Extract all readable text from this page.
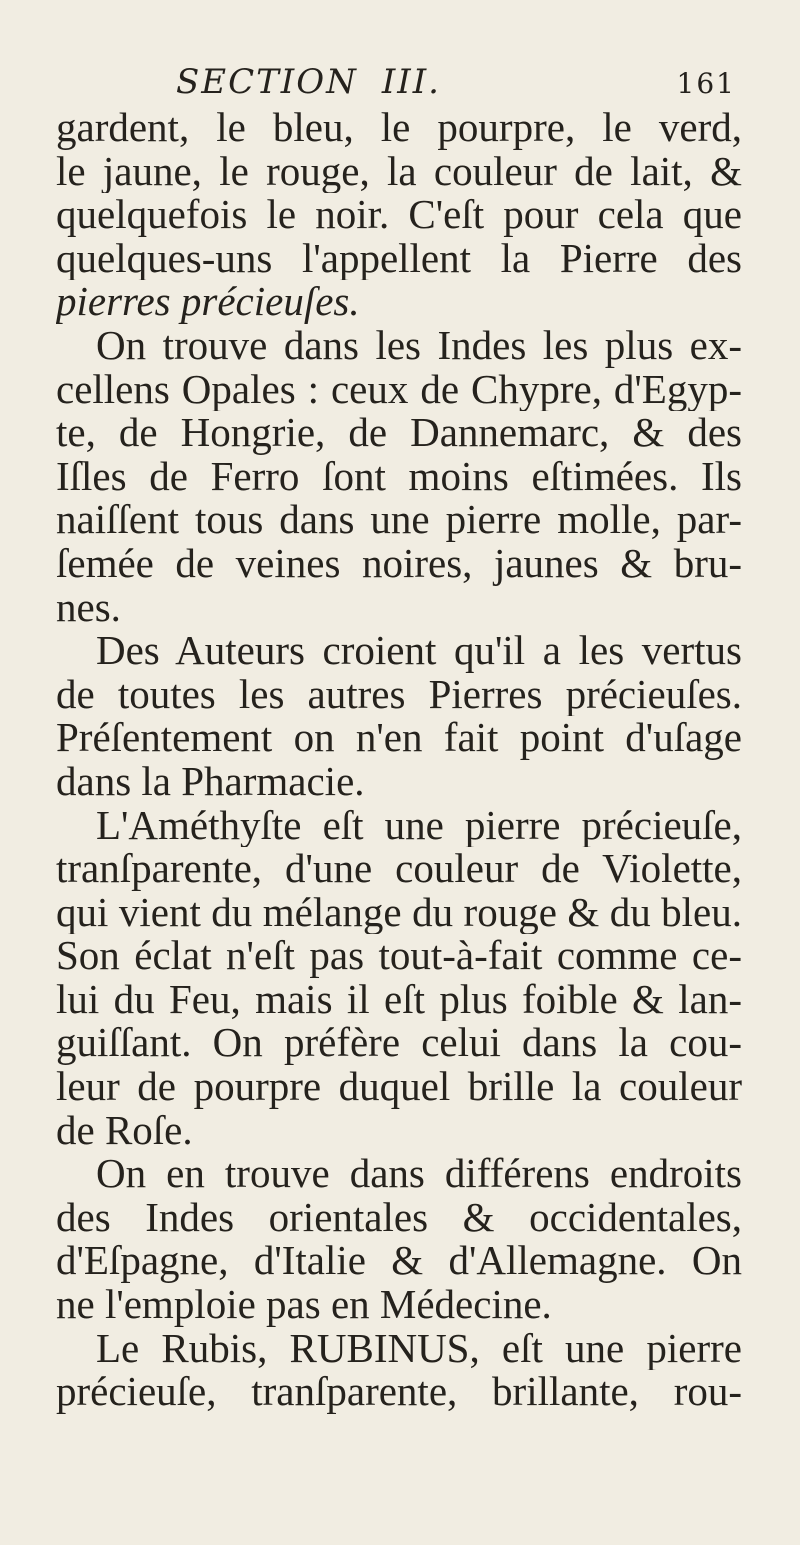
SECTION III.	161
gardent, le bleu, le pourpre, le verd,
le jaune, le rouge, la couleur de lait, &
quelquefois le noir. C'eſt pour cela que
quelques-uns l'appellent la Pierre des
pierres précieuſes.
On trouve dans les Indes les plus ex-
cellens Opales : ceux de Chypre, d'Egyp-
te, de Hongrie, de Dannemarc, & des
Iſles de Ferro ſont moins eſtimées. Ils
naiſſent tous dans une pierre molle, par-
ſemée de veines noires, jaunes & bru-
nes.
Des Auteurs croient qu'il a les vertus
de toutes les autres Pierres précieuſes.
Préſentement on n'en fait point d'uſage
dans la Pharmacie.
L'Améthyſte eſt une pierre précieuſe,
tranſparente, d'une couleur de Violette,
qui vient du mélange du rouge & du bleu.
Son éclat n'eſt pas tout-à-fait comme ce-
lui du Feu, mais il eſt plus foible & lan-
guiſſant. On préfère celui dans la cou-
leur de pourpre duquel brille la couleur
de Roſe.
On en trouve dans différens endroits
des Indes orientales & occidentales,
d'Eſpagne, d'Italie & d'Allemagne. On
ne l'emploie pas en Médecine.
Le Rubis, RUBINUS, eſt une pierre
précieuſe, tranſparente, brillante, rou-
